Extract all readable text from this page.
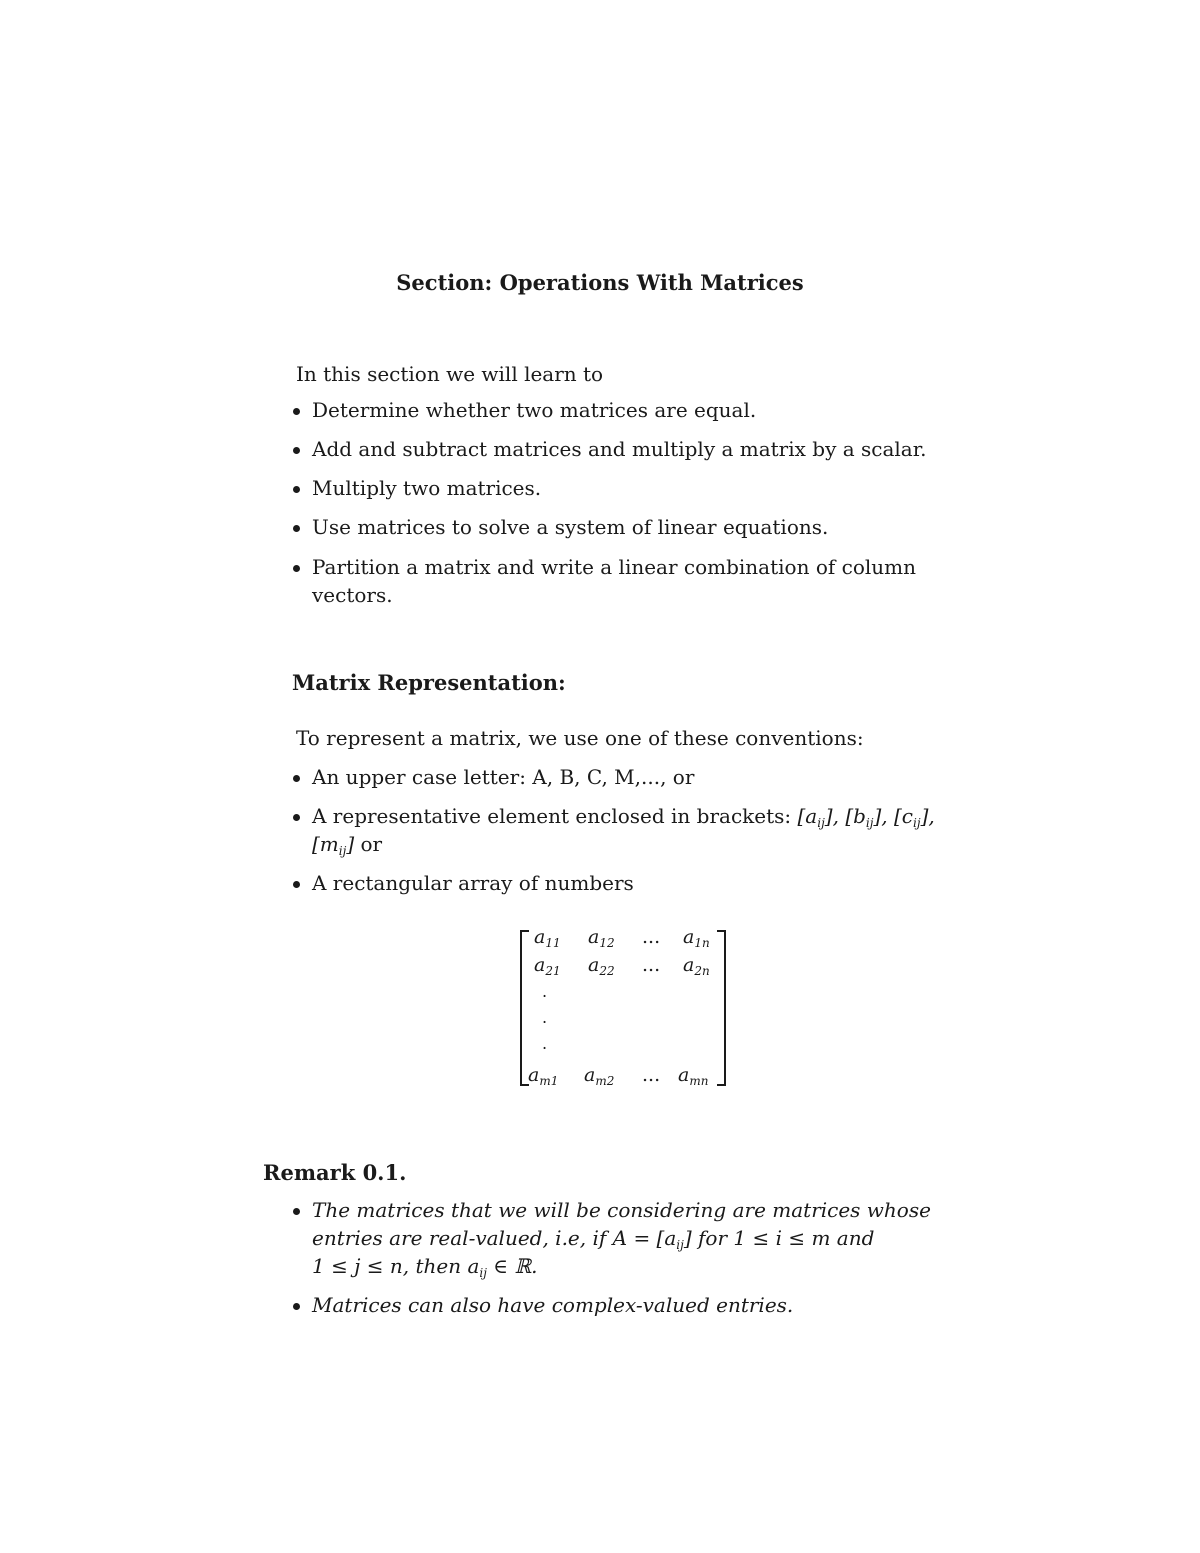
Section: Operations With Matrices
In this section we will learn to
Determine whether two matrices are equal.
Add and subtract matrices and multiply a matrix by a scalar.
Multiply two matrices.
Use matrices to solve a system of linear equations.
Partition a matrix and write a linear combination of column
vectors.
Matrix Representation:
To represent a matrix, we use one of these conventions:
An upper case letter: A, B, C, M,..., or
A representative element enclosed in brackets: $[a_{ij}]$, $[b_{ij}]$, $[c_{ij}]$,
$[m_{ij}]$ or
A rectangular array of numbers
$a_{11}$ $a_{12}$ ... $a_{1n}$
$a_{21}$ $a_{22}$ ... $a_{2n}$
.
.
.
$a_{m1}$ $a_{m2}$ ... $a_{mn}$
Remark 0.1.
The matrices that we will be considering are matrices whose
entries are real-valued, i.e, if $A = [a_{ij}]$ for 1 ≤ i ≤ m and
1 ≤ j ≤ n, then $a_{ij}$ ∈ ℝ.
Matrices can also have complex-valued entries.
